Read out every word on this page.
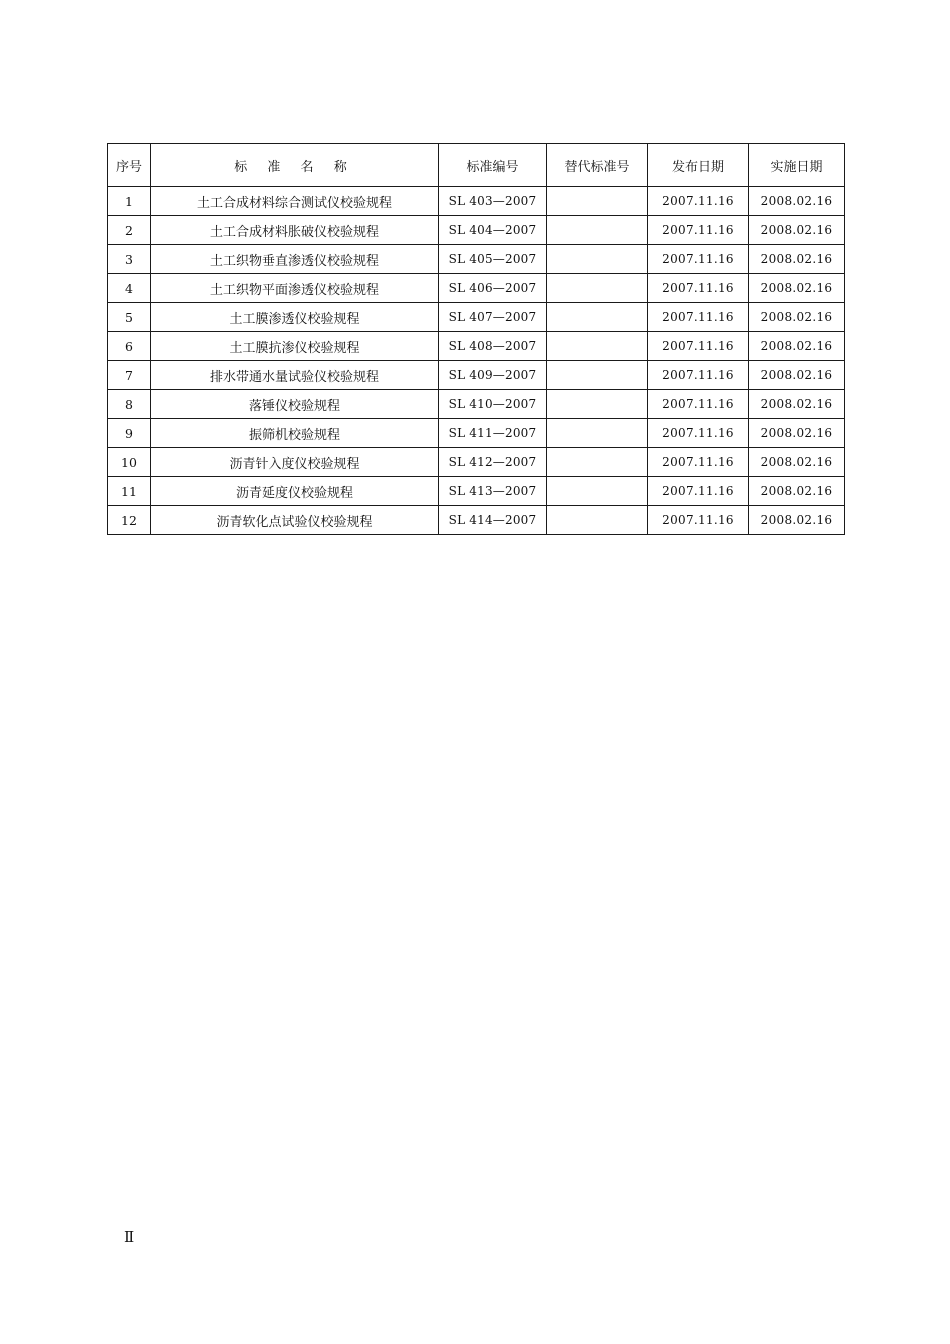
序号	标 准 名 称	标准编号	替代标准号	发布日期	实施日期
1	土工合成材料综合测试仪校验规程	SL 403—2007		2007.11.16	2008.02.16
2	土工合成材料胀破仪校验规程	SL 404—2007		2007.11.16	2008.02.16
3	土工织物垂直渗透仪校验规程	SL 405—2007		2007.11.16	2008.02.16
4	土工织物平面渗透仪校验规程	SL 406—2007		2007.11.16	2008.02.16
5	土工膜渗透仪校验规程	SL 407—2007		2007.11.16	2008.02.16
6	土工膜抗渗仪校验规程	SL 408—2007		2007.11.16	2008.02.16
7	排水带通水量试验仪校验规程	SL 409—2007		2007.11.16	2008.02.16
8	落锤仪校验规程	SL 410—2007		2007.11.16	2008.02.16
9	振筛机校验规程	SL 411—2007		2007.11.16	2008.02.16
10	沥青针入度仪校验规程	SL 412—2007		2007.11.16	2008.02.16
11	沥青延度仪校验规程	SL 413—2007		2007.11.16	2008.02.16
12	沥青软化点试验仪校验规程	SL 414—2007		2007.11.16	2008.02.16
Ⅱ
